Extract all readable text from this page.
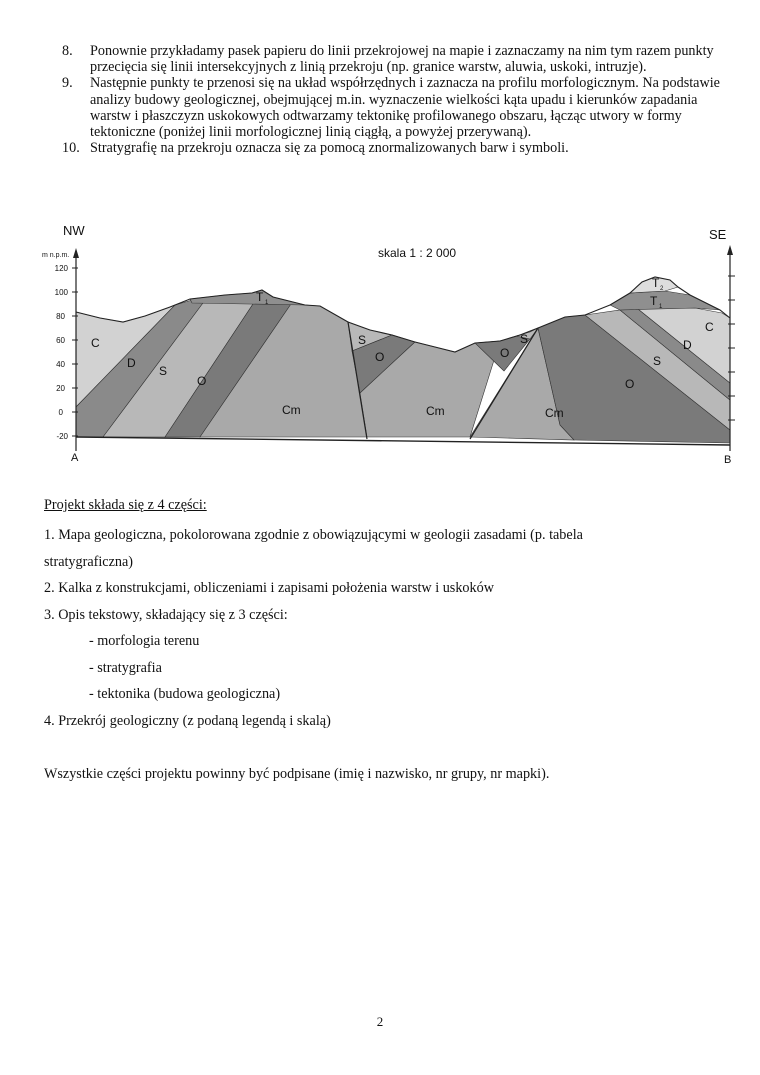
8.	Ponownie przykładamy pasek papieru do linii przekrojowej na mapie i zaznaczamy na nim tym razem punkty przecięcia się linii intersekcyjnych z linią przekroju (np. granice warstw, aluwia, uskoki, intruzje).
9.	Następnie punkty te przenosi się na układ współrzędnych i zaznacza na profilu morfologicznym. Na podstawie analizy budowy geologicznej, obejmującej m.in. wyznaczenie wielkości kąta upadu i kierunków zapadania warstw i płaszczyzn uskokowych odtwarzamy tektonikę profilowanego obszaru, łącząc utwory w formy tektoniczne (poniżej linii morfologicznej linią ciągłą, a powyżej przerywaną).
10. Stratygrafię na przekroju oznacza się za pomocą znormalizowanych barw i symboli.
NW	SE
m n.p.m.	skala 1 : 2 000
120
100
80
60
40
20
0
-20
A	B
C
D
S
O
Cm
T 1
S
O
Cm
O
S
Cm
T 1
T 2
C
D
S
O
Projekt składa się z 4 części:
1. Mapa geologiczna, pokolorowana zgodnie z obowiązującymi w geologii zasadami (p. tabela
stratygraficzna)
2. Kalka z konstrukcjami, obliczeniami i zapisami położenia warstw i uskoków
3. Opis tekstowy, składający się z 3 części:
- morfologia terenu
- stratygrafia
- tektonika (budowa geologiczna)
4. Przekrój geologiczny (z podaną legendą i skalą)
Wszystkie części projektu powinny być podpisane (imię i nazwisko, nr grupy, nr mapki).
2
